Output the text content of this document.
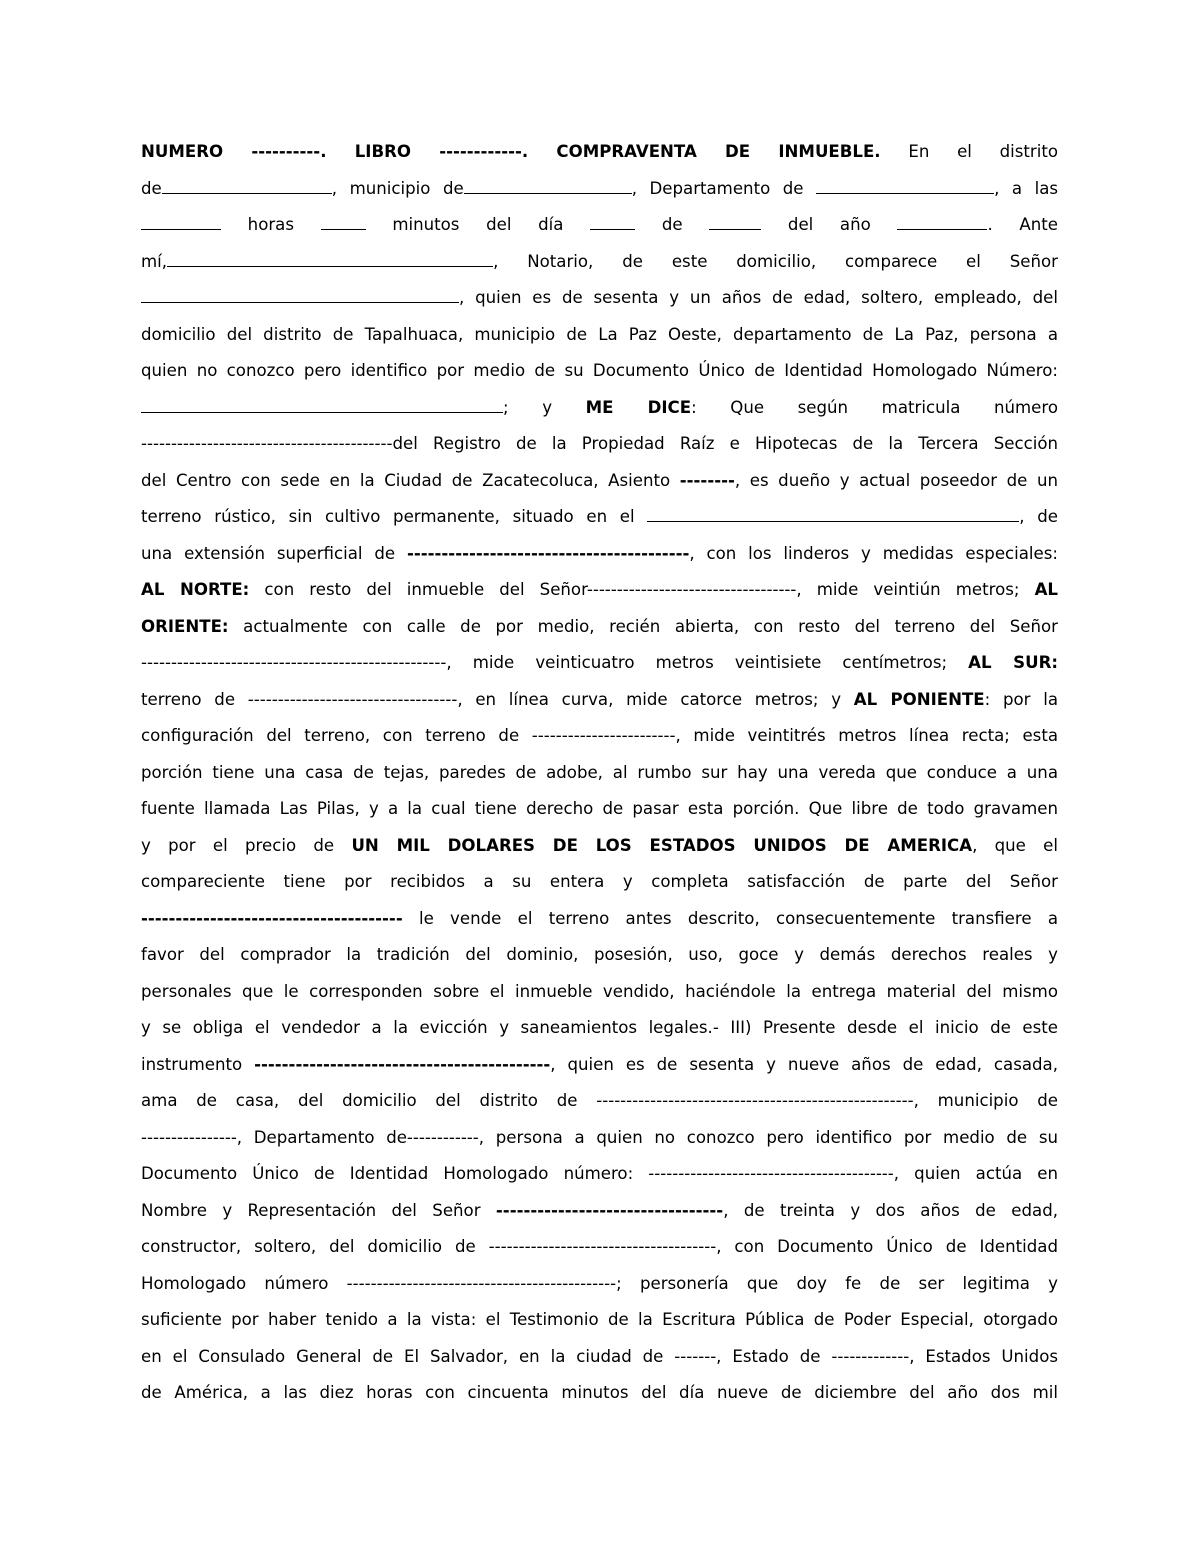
NUMERO ----------. LIBRO ------------. COMPRAVENTA DE INMUEBLE. En el distrito
de	, municipio de	, Departamento de	, a las
horas	minutos del día	de	del año	. Ante
mí,	, Notario, de este domicilio, comparece el Señor
, quien es de sesenta y un años de edad, soltero, empleado, del
domicilio del distrito de Tapalhuaca, municipio de La Paz Oeste, departamento de La Paz, persona a
quien no conozco pero identifico por medio de su Documento Único de Identidad Homologado Número:
; y ME DICE: Que según matricula número
------------------------------------------del Registro de la Propiedad Raíz e Hipotecas de la Tercera Sección
del Centro con sede en la Ciudad de Zacatecoluca, Asiento --------, es dueño y actual poseedor de un
terreno rústico, sin cultivo permanente, situado en el	, de
una extensión superficial de -----------------------------------------, con los linderos y medidas especiales:
AL NORTE: con resto del inmueble del Señor-----------------------------------, mide veintiún metros; AL
ORIENTE: actualmente con calle de por medio, recién abierta, con resto del terreno del Señor
---------------------------------------------------, mide veinticuatro metros veintisiete centímetros; AL SUR:
terreno de -----------------------------------, en línea curva, mide catorce metros; y AL PONIENTE: por la
configuración del terreno, con terreno de ------------------------, mide veintitrés metros línea recta; esta
porción tiene una casa de tejas, paredes de adobe, al rumbo sur hay una vereda que conduce a una
fuente llamada Las Pilas, y a la cual tiene derecho de pasar esta porción. Que libre de todo gravamen
y por el precio de UN MIL DOLARES DE LOS ESTADOS UNIDOS DE AMERICA, que el
compareciente tiene por recibidos a su entera y completa satisfacción de parte del Señor
-------------------------------------- le vende el terreno antes descrito, consecuentemente transfiere a
favor del comprador la tradición del dominio, posesión, uso, goce y demás derechos reales y
personales que le corresponden sobre el inmueble vendido, haciéndole la entrega material del mismo
y se obliga el vendedor a la evicción y saneamientos legales.- III) Presente desde el inicio de este
instrumento -------------------------------------------, quien es de sesenta y nueve años de edad, casada,
ama de casa, del domicilio del distrito de -----------------------------------------------------, municipio de
----------------, Departamento de------------, persona a quien no conozco pero identifico por medio de su
Documento Único de Identidad Homologado número: -----------------------------------------, quien actúa en
Nombre y Representación del Señor ---------------------------------, de treinta y dos años de edad,
constructor, soltero, del domicilio de --------------------------------------, con Documento Único de Identidad
Homologado número ---------------------------------------------; personería que doy fe de ser legitima y
suficiente por haber tenido a la vista: el Testimonio de la Escritura Pública de Poder Especial, otorgado
en el Consulado General de El Salvador, en la ciudad de -------, Estado de -------------, Estados Unidos
de América, a las diez horas con cincuenta minutos del día nueve de diciembre del año dos mil
